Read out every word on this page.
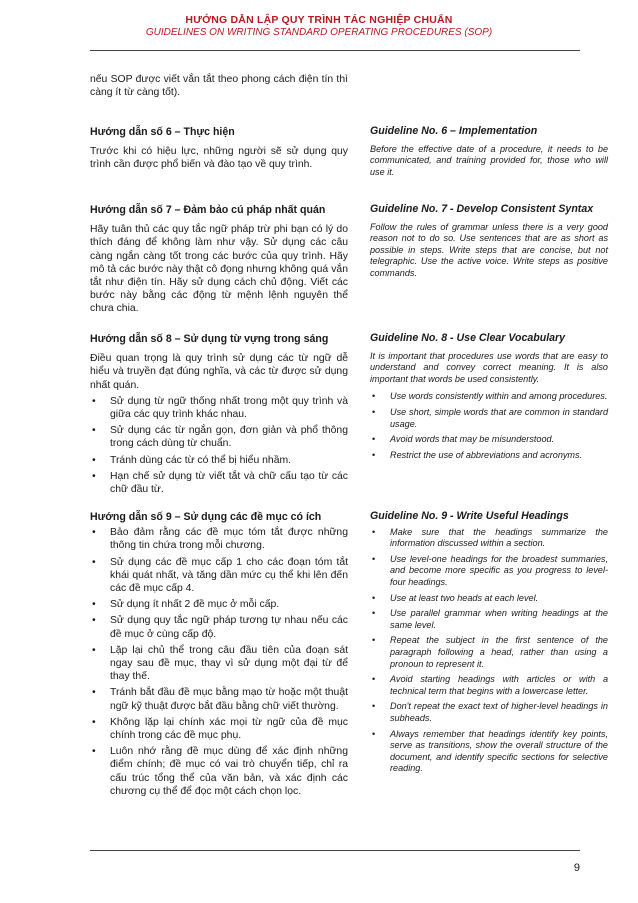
HƯỚNG DẪN LẬP QUY TRÌNH TÁC NGHIỆP CHUẨN
GUIDELINES ON WRITING STANDARD OPERATING PROCEDURES (SOP)

nếu SOP được viết vắn tắt theo phong cách điện tín thì càng ít từ càng tốt).

Hướng dẫn số 6 – Thực hiện

Trước khi có hiệu lực, những người sẽ sử dụng quy trình cần được phổ biến và đào tạo về quy trình.

Guideline No. 6 – Implementation

Before the effective date of a procedure, it needs to be communicated, and training provided for, those who will use it.

Hướng dẫn số 7 – Đảm bảo cú pháp nhất quán

Hãy tuân thủ các quy tắc ngữ pháp trừ phi bạn có lý do thích đáng để không làm như vậy. Sử dụng các câu càng ngắn càng tốt trong các bước của quy trình. Hãy mô tả các bước này thật cô đọng nhưng không quá vắn tắt như điện tín. Hãy sử dụng cách chủ động. Viết các bước này bằng các động từ mệnh lệnh nguyên thể chưa chia.

Guideline No. 7 - Develop Consistent Syntax

Follow the rules of grammar unless there is a very good reason not to do so. Use sentences that are as short as possible in steps. Write steps that are concise, but not telegraphic. Use the active voice. Write steps as positive commands.

Hướng dẫn số 8 – Sử dụng từ vựng trong sáng

Điều quan trọng là quy trình sử dụng các từ ngữ dễ hiểu và truyền đạt đúng nghĩa, và các từ được sử dụng nhất quán.

• Sử dụng từ ngữ thống nhất trong một quy trình và giữa các quy trình khác nhau.
• Sử dụng các từ ngắn gọn, đơn giản và phổ thông trong cách dùng từ chuẩn.
• Tránh dùng các từ có thể bị hiểu nhầm.
• Hạn chế sử dụng từ viết tắt và chữ cấu tạo từ các chữ đầu từ.
Guideline No. 8 - Use Clear Vocabulary

It is important that procedures use words that are easy to understand and convey correct meaning. It is also important that words be used consistently.

• Use words consistently within and among procedures.
• Use short, simple words that are common in standard usage.
• Avoid words that may be misunderstood.
• Restrict the use of abbreviations and acronyms.
Hướng dẫn số 9 – Sử dụng các đề mục có ích
• Bảo đảm rằng các đề mục tóm tắt được những thông tin chứa trong mỗi chương.
• Sử dụng các đề mục cấp 1 cho các đoạn tóm tắt khái quát nhất, và tăng dần mức cụ thể khi lên đến các đề mục cấp 4.
• Sử dụng ít nhất 2 đề mục ở mỗi cấp.
• Sử dụng quy tắc ngữ pháp tương tự nhau nếu các đề mục ở cùng cấp độ.
• Lặp lại chủ thể trong câu đầu tiên của đoạn sát ngay sau đề mục, thay vì sử dụng một đại từ để thay thế.
• Tránh bắt đầu đề mục bằng mạo từ hoặc một thuật ngữ kỹ thuật được bắt đầu bằng chữ viết thường.
• Không lặp lại chính xác mọi từ ngữ của đề mục chính trong các đề mục phụ.
• Luôn nhớ rằng đề mục dùng để xác định những điểm chính; đề mục có vai trò chuyển tiếp, chỉ ra cấu trúc tổng thể của văn bản, và xác định các chương cụ thể để đọc một cách chọn lọc.
Guideline No. 9 - Write Useful Headings
• Make sure that the headings summarize the information discussed within a section.
• Use level-one headings for the broadest summaries, and become more specific as you progress to level-four headings.
• Use at least two heads at each level.
• Use parallel grammar when writing headings at the same level.
• Repeat the subject in the first sentence of the paragraph following a head, rather than using a pronoun to represent it.
• Avoid starting headings with articles or with a technical term that begins with a lowercase letter.
• Don't repeat the exact text of higher-level headings in subheads.
• Always remember that headings identify key points, serve as transitions, show the overall structure of the document, and identify specific sections for selective reading.
9
